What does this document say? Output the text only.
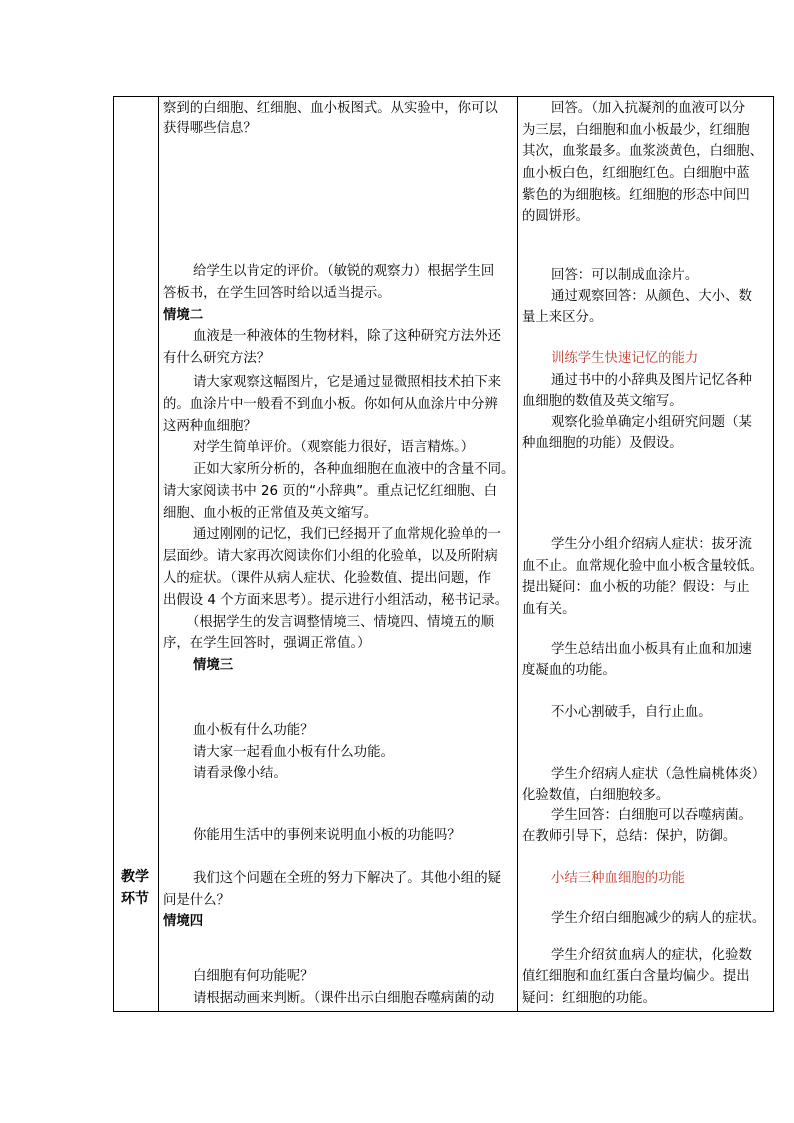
教学
环节
察到的白细胞、红细胞、血小板图式。从实验中，你可以
获得哪些信息？
给学生以肯定的评价。（敏锐的观察力）根据学生回
答板书，在学生回答时给以适当提示。
情境二
血液是一种液体的生物材料，除了这种研究方法外还
有什么研究方法？
请大家观察这幅图片，它是通过显微照相技术拍下来
的。血涂片中一般看不到血小板。你如何从血涂片中分辨
这两种血细胞？
对学生简单评价。（观察能力很好，语言精炼。）
正如大家所分析的，各种血细胞在血液中的含量不同。
请大家阅读书中 26 页的“小辞典”。重点记忆红细胞、白
细胞、血小板的正常值及英文缩写。
通过刚刚的记忆，我们已经揭开了血常规化验单的一
层面纱。请大家再次阅读你们小组的化验单，以及所附病
人的症状。（课件从病人症状、化验数值、提出问题，作
出假设 4 个方面来思考）。提示进行小组活动，秘书记录。
（根据学生的发言调整情境三、情境四、情境五的顺
序，在学生回答时，强调正常值。）
情境三
血小板有什么功能？
请大家一起看血小板有什么功能。
请看录像小结。
你能用生活中的事例来说明血小板的功能吗？
我们这个问题在全班的努力下解决了。其他小组的疑
问是什么？
情境四
白细胞有何功能呢？
请根据动画来判断。（课件出示白细胞吞噬病菌的动
回答。（加入抗凝剂的血液可以分
为三层，白细胞和血小板最少，红细胞
其次，血浆最多。血浆淡黄色，白细胞、
血小板白色，红细胞红色。白细胞中蓝
紫色的为细胞核。红细胞的形态中间凹
的圆饼形。
回答：可以制成血涂片。
通过观察回答：从颜色、大小、数
量上来区分。
训练学生快速记忆的能力
通过书中的小辞典及图片记忆各种
血细胞的数值及英文缩写。
观察化验单确定小组研究问题（某
种血细胞的功能）及假设。
学生分小组介绍病人症状：拔牙流
血不止。血常规化验中血小板含量较低。
提出疑问：血小板的功能？假设：与止
血有关。
学生总结出血小板具有止血和加速
度凝血的功能。
不小心割破手，自行止血。
学生介绍病人症状（急性扁桃体炎）
化验数值，白细胞较多。
学生回答：白细胞可以吞噬病菌。
在教师引导下，总结：保护，防御。
小结三种血细胞的功能
学生介绍白细胞减少的病人的症状。
学生介绍贫血病人的症状，化验数
值红细胞和血红蛋白含量均偏少。提出
疑问：红细胞的功能。
